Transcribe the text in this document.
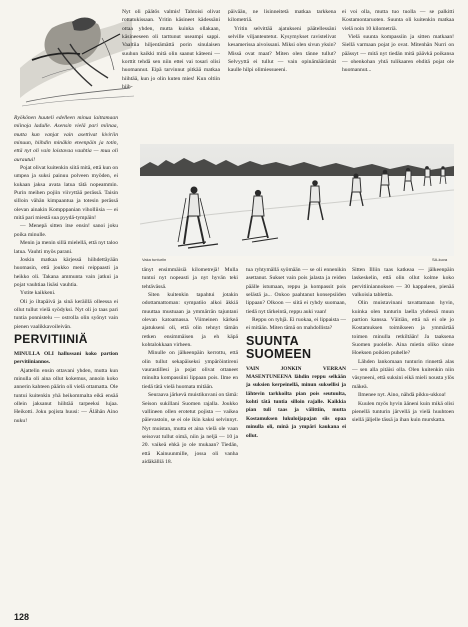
Vaka tunturiin	SA-kuva

Ryökönen huuteli edelleen minua laittamaan miinoja ladulle. Asensin vielä pari miinaa, mutta kun vanjat vain asettivat kiviriin minuun, hiihdin minäkin eteenpäin ja totin, että nyt oli vain loistavaa vauhtia — muu oli aurautui!

Pojat olivat kuitenkin siitä mitä, että kun on umpea ja suksi painuu polveen myöden, ei kukaan jaksa avata latua tätä nopeammin. Purin meihen pojiin viivyttää perässä. Taisin silloin vähän kimpaantua ja totesin perässä olevan ainakin Kompppanian viholliisia — ei mitä pari miestä sua pyydä-tympäin!

— Menepä sitten itse ensin! sanoi joku poika minulle.

Menin ja menin sillä mielellä, että nyt taloo latua. Vauhti myös parani.

Joskin matkaa kärjessä hiihdettäyään huomasin, että joukko meni reippaasti ja heikko oli. Takana ammunta vain jatkui ja pojat vauhtiaa lisäsi vauhtia.

Ystite kaikkeni.

Oli jo iltapäivä ja sinä keräillä olleessa ei ollut tullut vielä syödyksi. Nyt oli jo taas pari tuntia ponnistelu — ostrolla olin syönyt vain pienen vaalikkavoileivän.

PERVITIINIÄ

MINULLA OLI hallussani koko partion pervitiiniannos.

Ajattelin ensin ottavani yhden, mutta kun minulla oli aina ollut kokemus, annoin koko annerin kahteen päärin oli vielä ottamatta. Ole tuntui kuitenkin yhä heikommalta eikä ensää ollein jaksanut hiihtää tarpeeksi lujaa. Heikotti. Joku pojista huusi: — Älähän Aino nuku!

Nyt oli päätös valmis! Tahtoisi olivat rottatukissaan. Yritin käsineet kädessäni ottaa yhden, mutta kuinka ollakaan, käsineeseen oli tarttunut useampi sappi. Vaaltiia hiljentämättä porin sinulaisen suuhun kaikki mitä olin saanut käteeni — korttit tehdä sen niin ettei vai tosari olisi huomannut. Eipä tarvinnut pitkää matkaa hiihtää, kun jo olin kuten mies! Kun oltiin hiih-

päivään, ne lisinneitetä matkaa tarkkena kilometriä.

Yritin selvittää ajatukseni päätellessäni selville viljanteutetut. Kysymykset ravistelivat kesamerissa aivoissani. Miksi olen sivun yksin? Missä ovat maat? Miten olen tänne tullut? Selvyyttä ei tullut — vain opinämäärämät kaulle hilpi olimiessueeni.

ei voi olla, mutta tuo tuolla — se palkitti Kostamontaruoten. Suunta oli kuitenkin matkaa vielä noin 10 kilometriä.

Vielä suunta kompassiin ja sitten matkaan! Siellä varmaan pojat jo ovat. Mitenhän Nurri on päässyt — mitä nyt tiedän mitä päävkä poikansa — ohenkohan yhtä tulikaaren ehditä pojat ole huomannut...

tänyt ensimmäisiä kilometrejä! Mulla tuntui nyt nopeasti ja nyt hyvän teki tehtävässä.

Siten kuitenkin tapahtui jotakin odottamattoman: sympatiio alkoi äkkiä muuttaa mustuaan ja ymmärrän tajuntani olevan katoamassa. Viimeinen kärkeä ajatukseni oli, että olin tehnyt tämän retken ensimmäisen ja eh käpä kohtalokkaan virheen.

Minulle on jälkeenpäin kerrottu, että olin tullut sekapäiseksi ympäröintireni vaurastillesi ja pojat olivat ottaneet minulta kompassiini lippaan pois. Ilme en tiedä tätä vielä huomata mitään.

Seuraava järkevä muistikuvani on tämä: Seison sukillani Suomen rajalla. Joukko vallineen ollen erotetut pojista — vaikea päievastoin, se ei ole ikin kaksi selvinnyt. Nyt muistan, mutta et aina vielä ole vaan seisovat tullut oimä, niin ja neljä — 10 ja 20. vaikeä ehkä jo ole mukaan? Tiedän, että Kainuunmille, jossa oli vanha aidäkälliä 18.

tua ryhtymällä syömään — se oli ennenikin asettanut. Sukset vain pois jalasta ja reiden päälle istumaan, reppu ja kompassit pois selästä ja... Onkoo paahtanut konsepsiiden lippaan? Olkoon — siitä ei ryhdy suomaan, tiedä nyt tärkeintä, reppu auki vaan!

Reppu on tyhjä. Ei ruokaa, ei lippaista — ei mitään. Miten tämä on mahdollista?

SUUNTA SUOMEEN

VAIN JONKIN VERRAN MASENTUNEENA lähdin reppu selkään ja suksien kerpeinellä, minun suksellisi ja lähtevin tarkkoilta pian pois seutuulta, kohti tätä tuntia silloin rajalle. Kaikkia pian tuli taas ja välittiin, mutta Kostamuksen lukuloijapajan siis opaa minulla oli, minä ja ympäri kaukana ei ollut.

Sitten Illiin taas katkeaa — jälkeenpäin laskeskelin, että olin ollut kolme koko pervitiiniannoksen — 30 kappaleen, pienää valkoisia tablettia.

Olin muistavinani tavattamaan hyvin, kuinka olen tunturin laella yhdessä muun partion kanssa. Väitiän, että nä ei ole jo Kostamuksen toimikseen ja ymmärtää toimen minulla retkiltään! Ja taaksena Suomen puolelle. Aina mietin oliko sinne Hoeksen poikien puhelle?

Lähden lankomaan tunturin rinnettä alas — sen alla pitäisi olla. Olen kuitenkin niin väsyneeni, että suksini eikä mieli nousta ylös mäkeä.

Ilmenee nyt. Aino, nähdä pikku-ukkoa!

Kuulen myös hyvin ääneni kuin mikä olisi pienellä tunturin järvellä ja vielä huuhtoen siellä jäljelle tässä ja ihan kuin murskatta.

128
